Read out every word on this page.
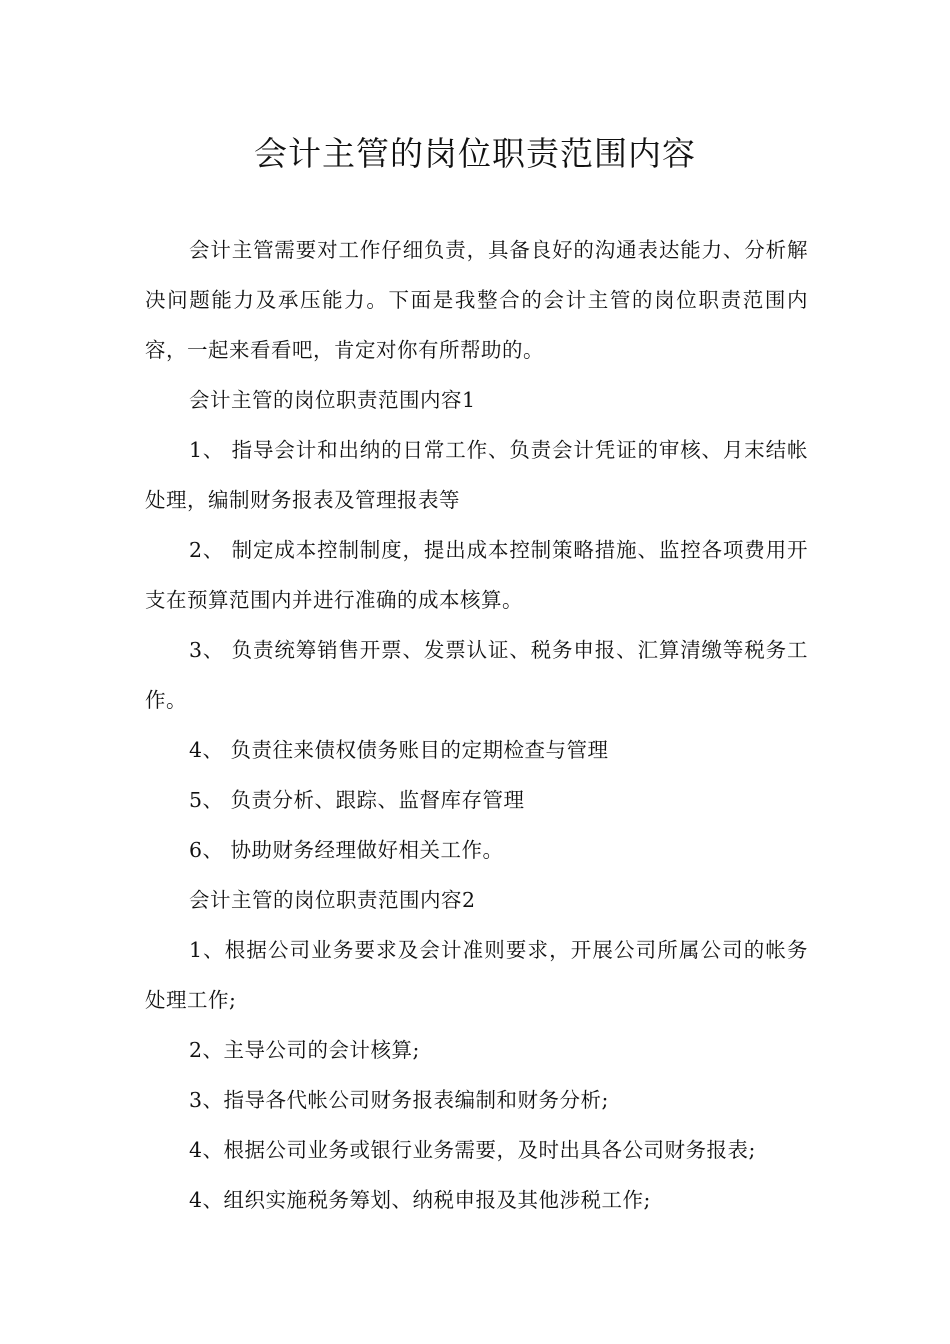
会计主管的岗位职责范围内容

会计主管需要对工作仔细负责，具备良好的沟通表达能力、分析解决问题能力及承压能力。下面是我整合的会计主管的岗位职责范围内容，一起来看看吧，肯定对你有所帮助的。

会计主管的岗位职责范围内容1

1、 指导会计和出纳的日常工作、负责会计凭证的审核、月末结帐处理，编制财务报表及管理报表等

2、 制定成本控制制度，提出成本控制策略措施、监控各项费用开支在预算范围内并进行准确的成本核算。

3、 负责统筹销售开票、发票认证、税务申报、汇算清缴等税务工作。

4、 负责往来债权债务账目的定期检查与管理

5、 负责分析、跟踪、监督库存管理

6、 协助财务经理做好相关工作。

会计主管的岗位职责范围内容2

1、根据公司业务要求及会计准则要求，开展公司所属公司的帐务处理工作;

2、主导公司的会计核算;

3、指导各代帐公司财务报表编制和财务分析;

4、根据公司业务或银行业务需要，及时出具各公司财务报表;

4、组织实施税务筹划、纳税申报及其他涉税工作;
